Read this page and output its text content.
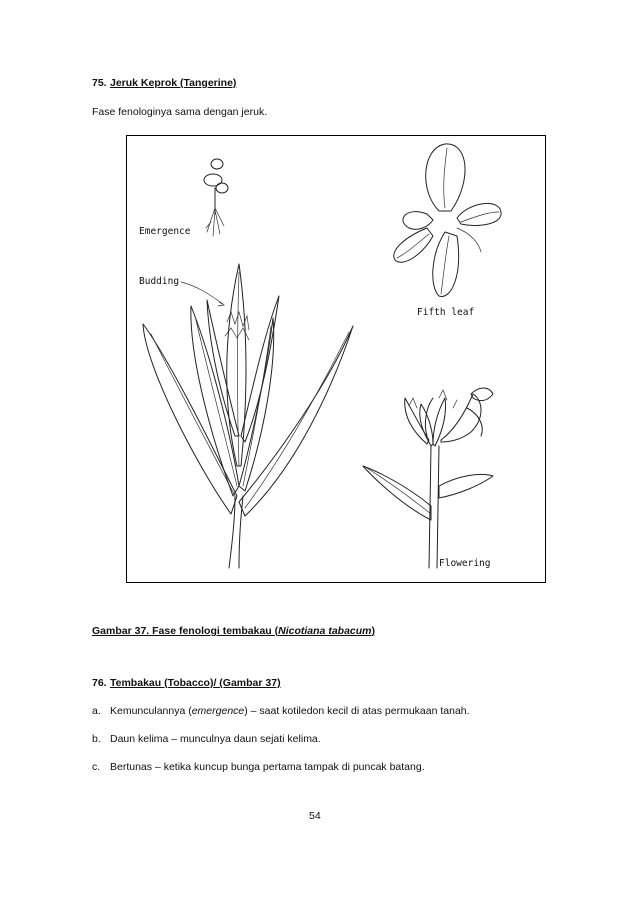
75. Jeruk Keprok (Tangerine)
Fase fenologinya sama dengan jeruk.
Emergence
Fifth leaf
Budding
Flowering
Gambar 37. Fase fenologi tembakau (Nicotiana tabacum)
76. Tembakau (Tobacco)/ (Gambar 37)
a. Kemunculannya (emergence) – saat kotiledon kecil di atas permukaan tanah.
b. Daun kelima – munculnya daun sejati kelima.
c. Bertunas – ketika kuncup bunga pertama tampak di puncak batang.
54
